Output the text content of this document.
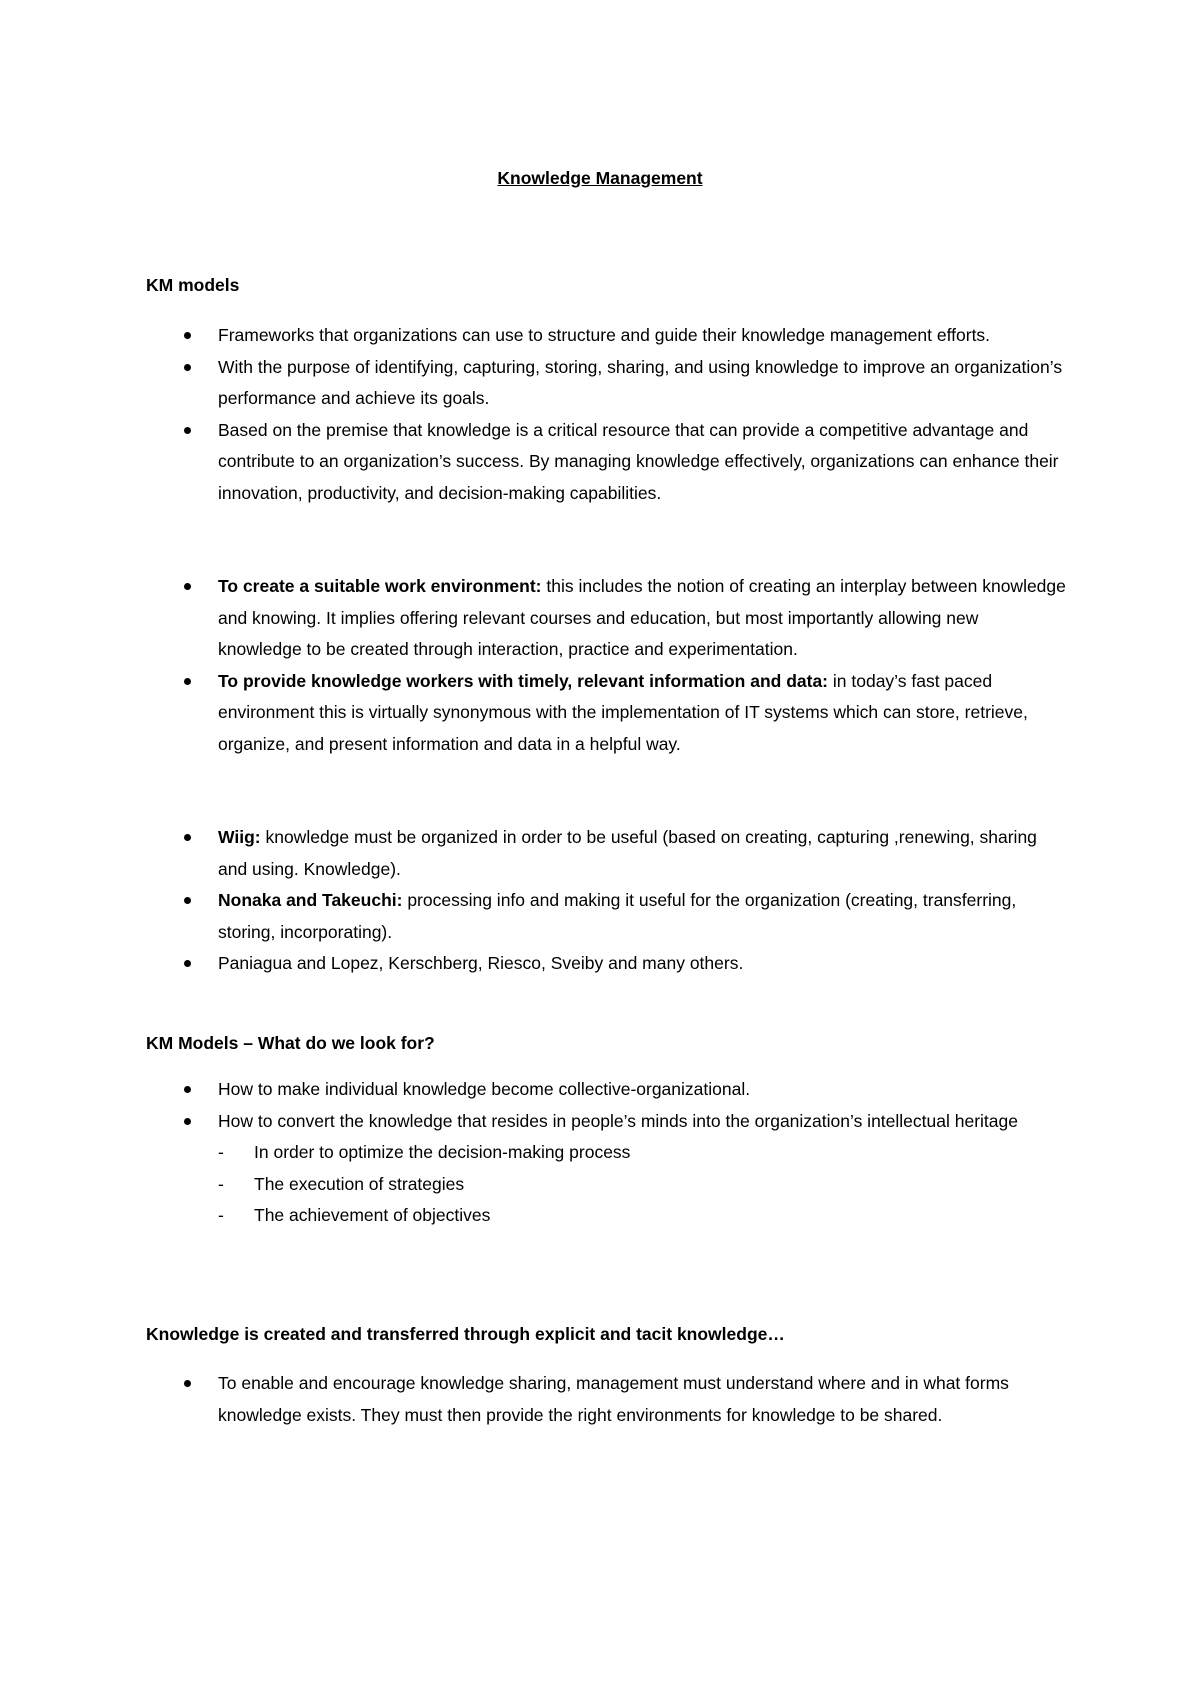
Knowledge Management
KM models
Frameworks that organizations can use to structure and guide their knowledge management efforts.
With the purpose of identifying, capturing, storing, sharing, and using knowledge to improve an organization’s performance and achieve its goals.
Based on the premise that knowledge is a critical resource that can provide a competitive advantage and contribute to an organization’s success. By managing knowledge effectively, organizations can enhance their innovation, productivity, and decision-making capabilities.
To create a suitable work environment: this includes the notion of creating an interplay between knowledge and knowing. It implies offering relevant courses and education, but most importantly allowing new knowledge to be created through interaction, practice and experimentation.
To provide knowledge workers with timely, relevant information and data: in today’s fast paced environment this is virtually synonymous with the implementation of IT systems which can store, retrieve, organize, and present information and data in a helpful way.
Wiig: knowledge must be organized in order to be useful (based on creating, capturing ,renewing, sharing and using. Knowledge).
Nonaka and Takeuchi: processing info and making it useful for the organization (creating, transferring, storing, incorporating).
Paniagua and Lopez, Kerschberg, Riesco, Sveiby and many others.
KM Models – What do we look for?
How to make individual knowledge become collective-organizational.
How to convert the knowledge that resides in people’s minds into the organization’s intellectual heritage
- In order to optimize the decision-making process
- The execution of strategies
- The achievement of objectives
Knowledge is created and transferred through explicit and tacit knowledge…
To enable and encourage knowledge sharing, management must understand where and in what forms knowledge exists. They must then provide the right environments for knowledge to be shared.
